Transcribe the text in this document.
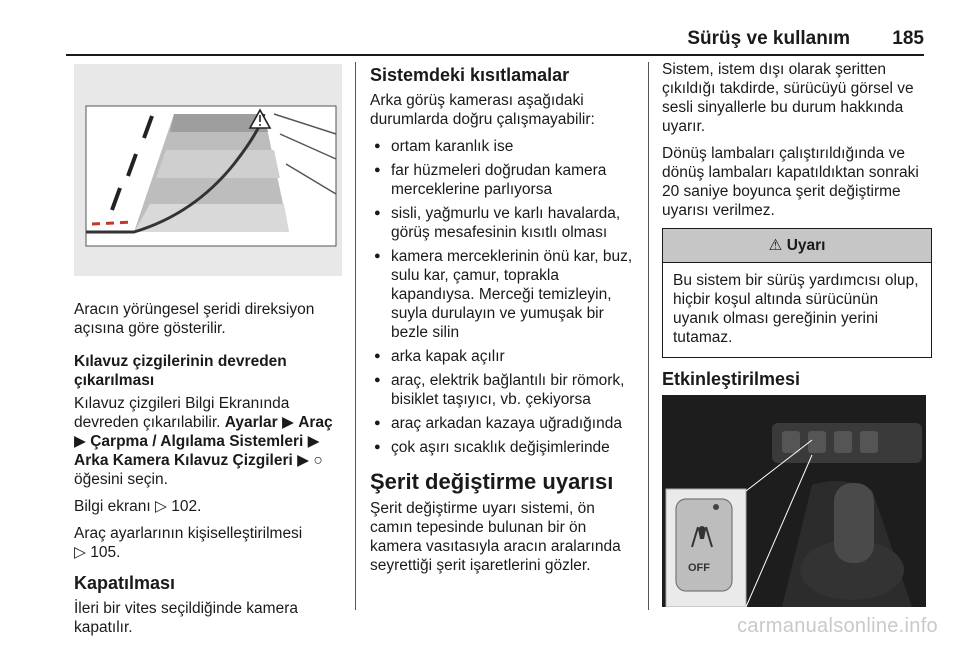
Sürüş ve kullanım 185

Aracın yörüngesel şeridi direksiyon açısına göre gösterilir.

Kılavuz çizgilerinin devreden çıkarılması

Kılavuz çizgileri Bilgi Ekranında devreden çıkarılabilir. Ayarlar ▶ Araç ▶ Çarpma / Algılama Sistemleri ▶ Arka Kamera Kılavuz Çizgileri ▶ ○ öğesini seçin.

Bilgi ekranı ▷ 102.

Araç ayarlarının kişiselleştirilmesi
▷ 105.

Kapatılması

İleri bir vites seçildiğinde kamera kapatılır.

Sistemdeki kısıtlamalar

Arka görüş kamerası aşağıdaki durumlarda doğru çalışmayabilir:

● ortam karanlık ise
● far hüzmeleri doğrudan kamera merceklerine parlıyorsa
● sisli, yağmurlu ve karlı havalarda, görüş mesafesinin kısıtlı olması
● kamera merceklerinin önü kar, buz, sulu kar, çamur, toprakla kapandıysa. Merceği temizleyin, suyla durulayın ve yumuşak bir bezle silin
● arka kapak açılır
● araç, elektrik bağlantılı bir römork, bisiklet taşıyıcı, vb. çekiyorsa
● araç arkadan kazaya uğradığında
● çok aşırı sıcaklık değişimlerinde
Şerit değiştirme uyarısı

Şerit değiştirme uyarı sistemi, ön camın tepesinde bulunan bir ön kamera vasıtasıyla aracın aralarında seyrettiği şerit işaretlerini gözler.

Sistem, istem dışı olarak şeritten çıkıldığı takdirde, sürücüyü görsel ve sesli sinyallerle bu durum hakkında uyarır.

Dönüş lambaları çalıştırıldığında ve dönüş lambaları kapatıldıktan sonraki 20 saniye boyunca şerit değiştirme uyarısı verilmez.

⚠ Uyarı
Bu sistem bir sürüş yardımcısı olup, hiçbir koşul altında sürücünün uyanık olması gereğinin yerini tutamaz.
Etkinleştirilmesi
OFF
carmanualsonline.info
